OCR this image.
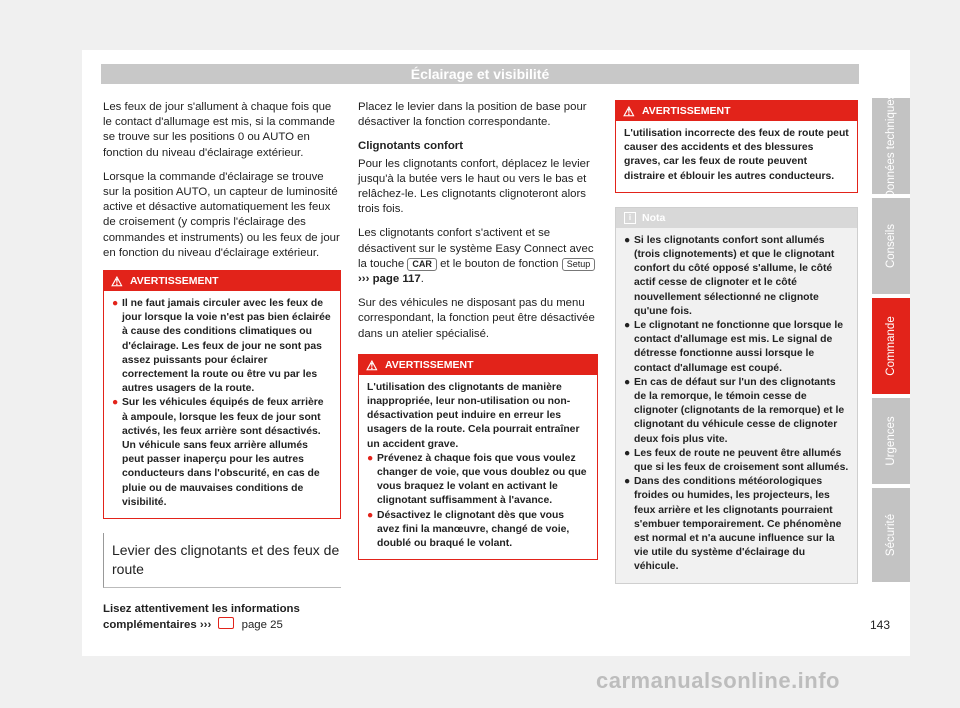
Éclairage et visibilité

Les feux de jour s'allument à chaque fois que le contact d'allumage est mis, si la commande se trouve sur les positions 0 ou AUTO en fonction du niveau d'éclairage extérieur.

Lorsque la commande d'éclairage se trouve sur la position AUTO, un capteur de luminosité active et désactive automatiquement les feux de croisement (y compris l'éclairage des commandes et instruments) ou les feux de jour en fonction du niveau d'éclairage extérieur.

⚠ AVERTISSEMENT
● Il ne faut jamais circuler avec les feux de jour lorsque la voie n'est pas bien éclairée à cause des conditions climatiques ou d'éclairage. Les feux de jour ne sont pas assez puissants pour éclairer correctement la route ou être vu par les autres usagers de la route.
● Sur les véhicules équipés de feux arrière à ampoule, lorsque les feux de jour sont activés, les feux arrière sont désactivés. Un véhicule sans feux arrière allumés peut passer inaperçu pour les autres conducteurs dans l'obscurité, en cas de pluie ou de mauvaises conditions de visibilité.
Levier des clignotants et des feux de route

Lisez attentivement les informations complémentaires ›››	page 25

Placez le levier dans la position de base pour désactiver la fonction correspondante.

Clignotants confort

Pour les clignotants confort, déplacez le levier jusqu'à la butée vers le haut ou vers le bas et relâchez-le. Les clignotants clignoteront alors trois fois.

Les clignotants confort s'activent et se désactivent sur le système Easy Connect avec la touche CAR et le bouton de fonction Setup
››› page 117.

Sur des véhicules ne disposant pas du menu correspondant, la fonction peut être désactivée dans un atelier spécialisé.

⚠ AVERTISSEMENT
L'utilisation des clignotants de manière inappropriée, leur non-utilisation ou non-désactivation peut induire en erreur les usagers de la route. Cela pourrait entraîner un accident grave.
● Prévenez à chaque fois que vous voulez changer de voie, que vous doublez ou que vous braquez le volant en activant le clignotant suffisamment à l'avance.
● Désactivez le clignotant dès que vous avez fini la manœuvre, changé de voie, doublé ou braqué le volant.
⚠ AVERTISSEMENT
L'utilisation incorrecte des feux de route peut causer des accidents et des blessures graves, car les feux de route peuvent distraire et éblouir les autres conducteurs.
i	Nota
● Si les clignotants confort sont allumés (trois clignotements) et que le clignotant confort du côté opposé s'allume, le côté actif cesse de clignoter et le côté nouvellement sélectionné ne clignote qu'une fois.
● Le clignotant ne fonctionne que lorsque le contact d'allumage est mis. Le signal de détresse fonctionne aussi lorsque le contact d'allumage est coupé.
● En cas de défaut sur l'un des clignotants de la remorque, le témoin cesse de clignoter (clignotants de la remorque) et le clignotant du véhicule cesse de clignoter deux fois plus vite.
● Les feux de route ne peuvent être allumés que si les feux de croisement sont allumés.
● Dans des conditions météorologiques froides ou humides, les projecteurs, les feux arrière et les clignotants pourraient s'embuer temporairement. Ce phénomène est normal et n'a aucune influence sur la vie utile du système d'éclairage du véhicule.
Données techniques
Conseils
Commande
Urgences
Sécurité
143
carmanualsonline.info
